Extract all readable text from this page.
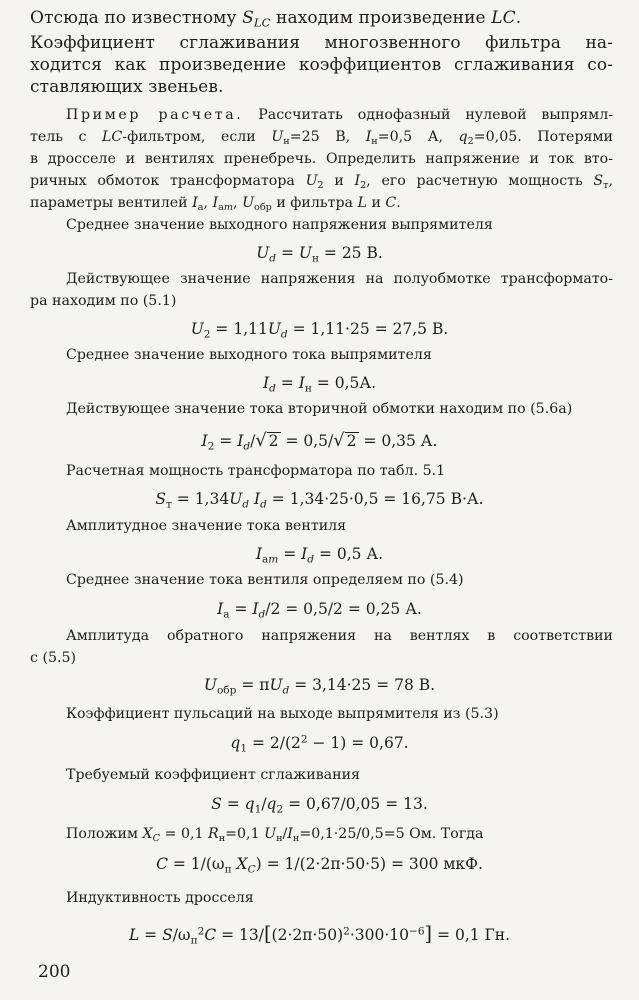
Отсюда по известному $S_{LC}$ находим произведение LC.
Коэффициент сглаживания многозвенного фильтра на-
ходится как произведение коэффициентов сглаживания со-
ставляющих звеньев.
Пример расчета. Рассчитать однофазный нулевой выпрямл-
тель с LC-фильтром, если $U_н=25$ В, $I_н=0,5$ А, $q_2=0,05$. Потерями
в дросселе и вентилях пренебречь. Определить напряжение и ток вто-
ричных обмоток трансформатора $U_2$ и $I_2$, его расчетную мощность $S_т$,
параметры вентилей $I_а$, $I_{аm}$, $U_{обр}$ и фильтра L и C.
Среднее значение выходного напряжения выпрямителя
$U_d = U_н = 25$ В.
Действующее значение напряжения на полуобмотке трансформато-
ра находим по (5.1)
$U_2 = 1,11U_d = 1,11\cdot 25 = 27,5$ В.
Среднее значение выходного тока выпрямителя
$I_d = I_н = 0,5А$.
Действующее значение тока вторичной обмотки находим по (5.6а)
$I_2 = I_d/√$ 2 = 0,5/√ 2 = 0,35 А.
Расчетная мощность трансформатора по табл. 5.1
$S_т = 1,34U_d$ $I_d = 1,34\cdot 25\cdot 0,5 = 16,75$ В·А.
Амплитудное значение тока вентиля
$I_{аm} = I_d = 0,5$ А.
Среднее значение тока вентиля определяем по (5.4)
$I_а = I_d/2 = 0,5/2 = 0,25$ А.
Амплитуда обратного напряжения на вентлях в соответствии
с (5.5)
$U_{обр} = \pi U_d = 3,14\cdot 25 = 78$ В.
Коэффициент пульсаций на выходе выпрямителя из (5.3)
$q_1 = 2/(2^2 - 1) = 0,67$.
Требуемый коэффициент сглаживания
$S = q_1/q_2 = 0,67/0,05 = 13$.
Положим $X_C = 0,1$ $R_н=0,1$ $U_н/I_н=0,1\cdot 25/0,5=5$ Ом. Тогда
$C = 1/(\omega_п$ $X_C) = 1/(2\cdot 2\pi\cdot 50\cdot 5) = 300$ мкФ.
Индуктивность дросселя
$L = S/\omega_п^2C = 13/[(2\cdot 2\pi\cdot 50)^2\cdot 300\cdot 10^{-6}] = 0,1$ Гн.
200
